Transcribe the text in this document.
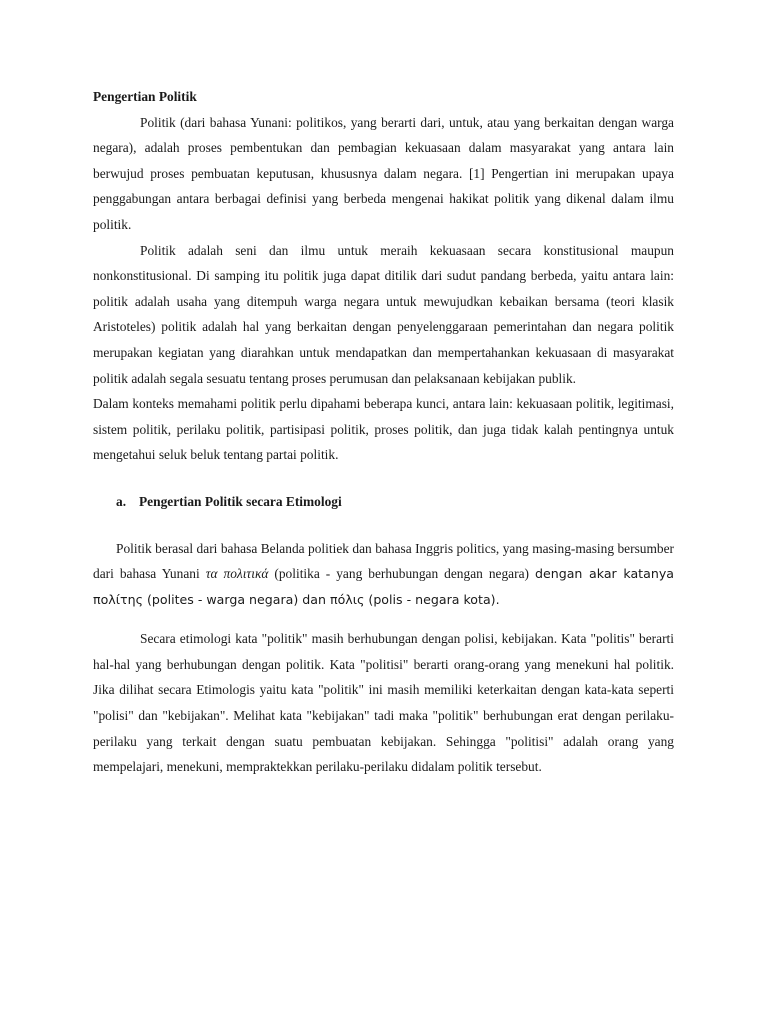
Pengertian Politik

Politik (dari bahasa Yunani: politikos, yang berarti dari, untuk, atau yang berkaitan dengan warga negara), adalah proses pembentukan dan pembagian kekuasaan dalam masyarakat yang antara lain berwujud proses pembuatan keputusan, khususnya dalam negara. [1] Pengertian ini merupakan upaya penggabungan antara berbagai definisi yang berbeda mengenai hakikat politik yang dikenal dalam ilmu politik.

Politik adalah seni dan ilmu untuk meraih kekuasaan secara konstitusional maupun nonkonstitusional. Di samping itu politik juga dapat ditilik dari sudut pandang berbeda, yaitu antara lain: politik adalah usaha yang ditempuh warga negara untuk mewujudkan kebaikan bersama (teori klasik Aristoteles) politik adalah hal yang berkaitan dengan penyelenggaraan pemerintahan dan negara politik merupakan kegiatan yang diarahkan untuk mendapatkan dan mempertahankan kekuasaan di masyarakat politik adalah segala sesuatu tentang proses perumusan dan pelaksanaan kebijakan publik.

Dalam konteks memahami politik perlu dipahami beberapa kunci, antara lain: kekuasaan politik, legitimasi, sistem politik, perilaku politik, partisipasi politik, proses politik, dan juga tidak kalah pentingnya untuk mengetahui seluk beluk tentang partai politik.

a. Pengertian Politik secara Etimologi

Politik berasal dari bahasa Belanda politiek dan bahasa Inggris politics, yang masing-masing bersumber dari bahasa Yunani τα πολιτικά (politika - yang berhubungan dengan negara) dengan akar katanya πολίτης (polites - warga negara) dan πόλις (polis - negara kota).

Secara etimologi kata "politik" masih berhubungan dengan polisi, kebijakan. Kata "politis" berarti hal-hal yang berhubungan dengan politik. Kata "politisi" berarti orang-orang yang menekuni hal politik. Jika dilihat secara Etimologis yaitu kata "politik" ini masih memiliki keterkaitan dengan kata-kata seperti "polisi" dan "kebijakan". Melihat kata "kebijakan" tadi maka "politik" berhubungan erat dengan perilaku-perilaku yang terkait dengan suatu pembuatan kebijakan. Sehingga "politisi" adalah orang yang mempelajari, menekuni, mempraktekkan perilaku-perilaku didalam politik tersebut.
